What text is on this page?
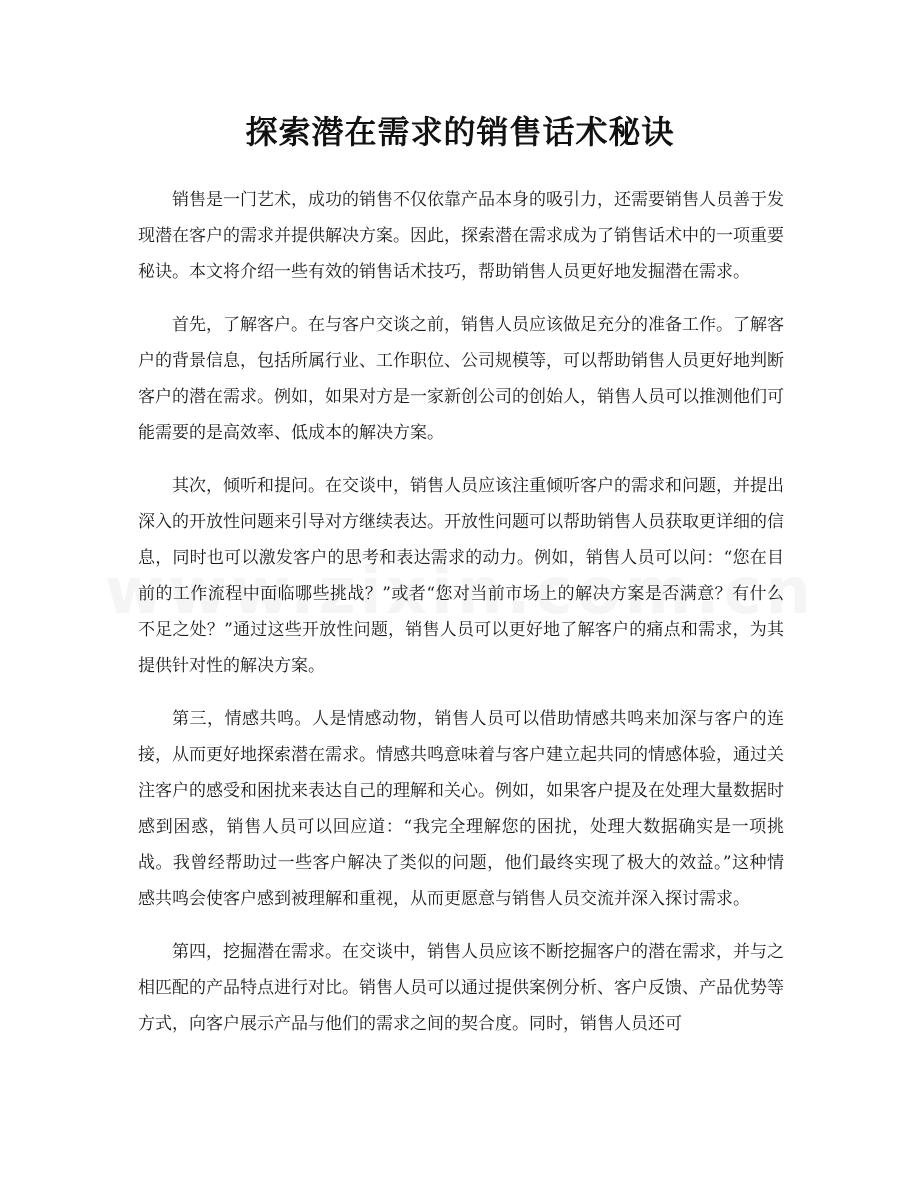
探索潜在需求的销售话术秘诀

销售是一门艺术，成功的销售不仅依靠产品本身的吸引力，还需要销售人员善于发现潜在客户的需求并提供解决方案。因此，探索潜在需求成为了销售话术中的一项重要秘诀。本文将介绍一些有效的销售话术技巧，帮助销售人员更好地发掘潜在需求。

首先，了解客户。在与客户交谈之前，销售人员应该做足充分的准备工作。了解客户的背景信息，包括所属行业、工作职位、公司规模等，可以帮助销售人员更好地判断客户的潜在需求。例如，如果对方是一家新创公司的创始人，销售人员可以推测他们可能需要的是高效率、低成本的解决方案。

其次，倾听和提问。在交谈中，销售人员应该注重倾听客户的需求和问题，并提出深入的开放性问题来引导对方继续表达。开放性问题可以帮助销售人员获取更详细的信息，同时也可以激发客户的思考和表达需求的动力。例如，销售人员可以问：“您在目前的工作流程中面临哪些挑战？”或者“您对当前市场上的解决方案是否满意？有什么不足之处？”通过这些开放性问题，销售人员可以更好地了解客户的痛点和需求，为其提供针对性的解决方案。

第三，情感共鸣。人是情感动物，销售人员可以借助情感共鸣来加深与客户的连接，从而更好地探索潜在需求。情感共鸣意味着与客户建立起共同的情感体验，通过关注客户的感受和困扰来表达自己的理解和关心。例如，如果客户提及在处理大量数据时感到困惑，销售人员可以回应道：“我完全理解您的困扰，处理大数据确实是一项挑战。我曾经帮助过一些客户解决了类似的问题，他们最终实现了极大的效益。”这种情感共鸣会使客户感到被理解和重视，从而更愿意与销售人员交流并深入探讨需求。

第四，挖掘潜在需求。在交谈中，销售人员应该不断挖掘客户的潜在需求，并与之相匹配的产品特点进行对比。销售人员可以通过提供案例分析、客户反馈、产品优势等方式，向客户展示产品与他们的需求之间的契合度。同时，销售人员还可
